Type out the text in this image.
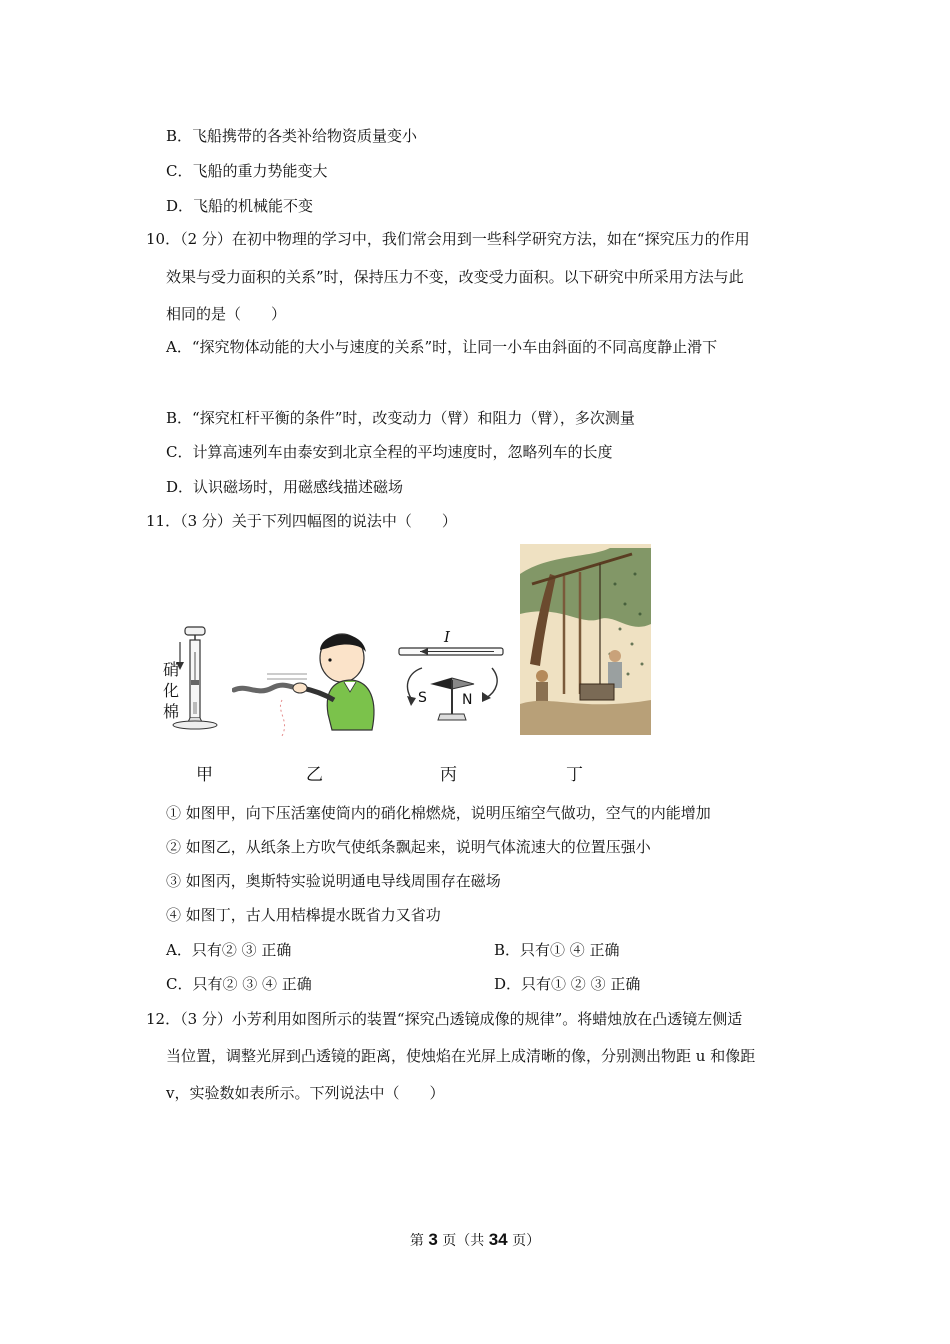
B．飞船携带的各类补给物资质量变小
C．飞船的重力势能变大
D．飞船的机械能不变
10．（2 分）在初中物理的学习中，我们常会用到一些科学研究方法，如在“探究压力的作用
效果与受力面积的关系”时，保持压力不变，改变受力面积。以下研究中所采用方法与此
相同的是（　　）
A．“探究物体动能的大小与速度的关系”时，让同一小车由斜面的不同高度静止滑下
B．“探究杠杆平衡的条件”时，改变动力（臂）和阻力（臂），多次测量
C．计算高速列车由泰安到北京全程的平均速度时，忽略列车的长度
D．认识磁场时，用磁感线描述磁场
11．（3 分）关于下列四幅图的说法中（　　）
硝
化
棉
I
S	N
甲	乙	丙	丁
① 如图甲，向下压活塞使筒内的硝化棉燃烧，说明压缩空气做功，空气的内能增加
② 如图乙，从纸条上方吹气使纸条飘起来，说明气体流速大的位置压强小
③ 如图丙，奥斯特实验说明通电导线周围存在磁场
④ 如图丁，古人用桔槔提水既省力又省功
A．只有② ③ 正确	B．只有① ④ 正确
C．只有② ③ ④ 正确	D．只有① ② ③ 正确
12．（3 分）小芳利用如图所示的装置“探究凸透镜成像的规律”。将蜡烛放在凸透镜左侧适
当位置，调整光屏到凸透镜的距离，使烛焰在光屏上成清晰的像，分别测出物距 u 和像距
v，实验数如表所示。下列说法中（　　）
第 3 页（共 34 页）
